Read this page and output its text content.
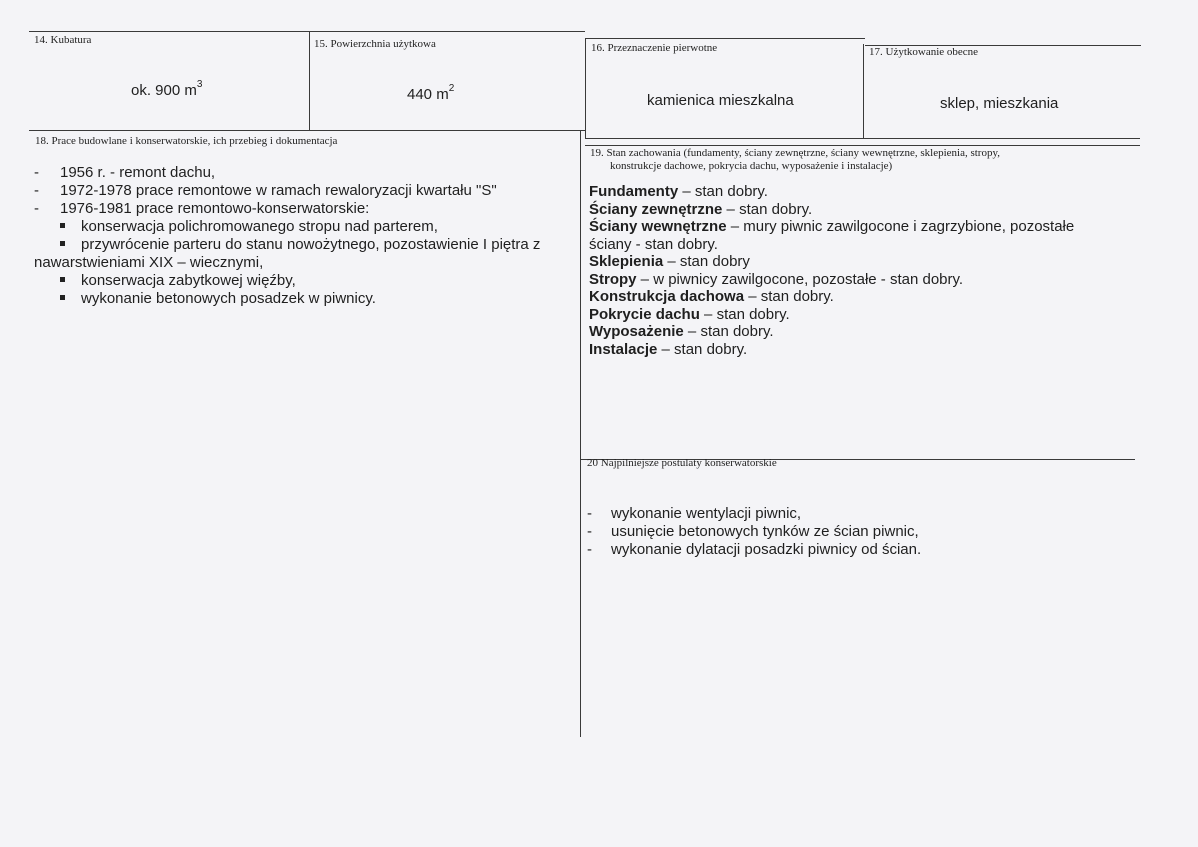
14. Kubatura
ok. 900 $m^3$
15. Powierzchnia użytkowa
440 $m^2$
16. Przeznaczenie pierwotne
kamienica mieszkalna
17. Użytkowanie obecne
sklep, mieszkania
18. Prace budowlane i konserwatorskie, ich przebieg i dokumentacja
- 1956 r. - remont dachu,
- 1972-1978 prace remontowe w ramach rewaloryzacji kwartału "S"
- 1976-1981 prace remontowo-konserwatorskie:
konserwacja polichromowanego stropu nad parterem,
przywrócenie parteru do stanu nowożytnego, pozostawienie I piętra z
nawarstwieniami XIX – wiecznymi,
konserwacja zabytkowej więźby,
wykonanie betonowych posadzek w piwnicy.
19. Stan zachowania (fundamenty, ściany zewnętrzne, ściany wewnętrzne, sklepienia, stropy,
konstrukcje dachowe, pokrycia dachu, wyposażenie i instalacje)
Fundamenty – stan dobry.
Ściany zewnętrzne – stan dobry.
Ściany wewnętrzne – mury piwnic zawilgocone i zagrzybione, pozostałe
ściany - stan dobry.
Sklepienia – stan dobry
Stropy – w piwnicy zawilgocone, pozostałe - stan dobry.
Konstrukcja dachowa – stan dobry.
Pokrycie dachu – stan dobry.
Wyposażenie – stan dobry.
Instalacje – stan dobry.
20 Najpilniejsze postulaty konserwatorskie
- wykonanie wentylacji piwnic,
- usunięcie betonowych tynków ze ścian piwnic,
- wykonanie dylatacji posadzki piwnicy od ścian.
